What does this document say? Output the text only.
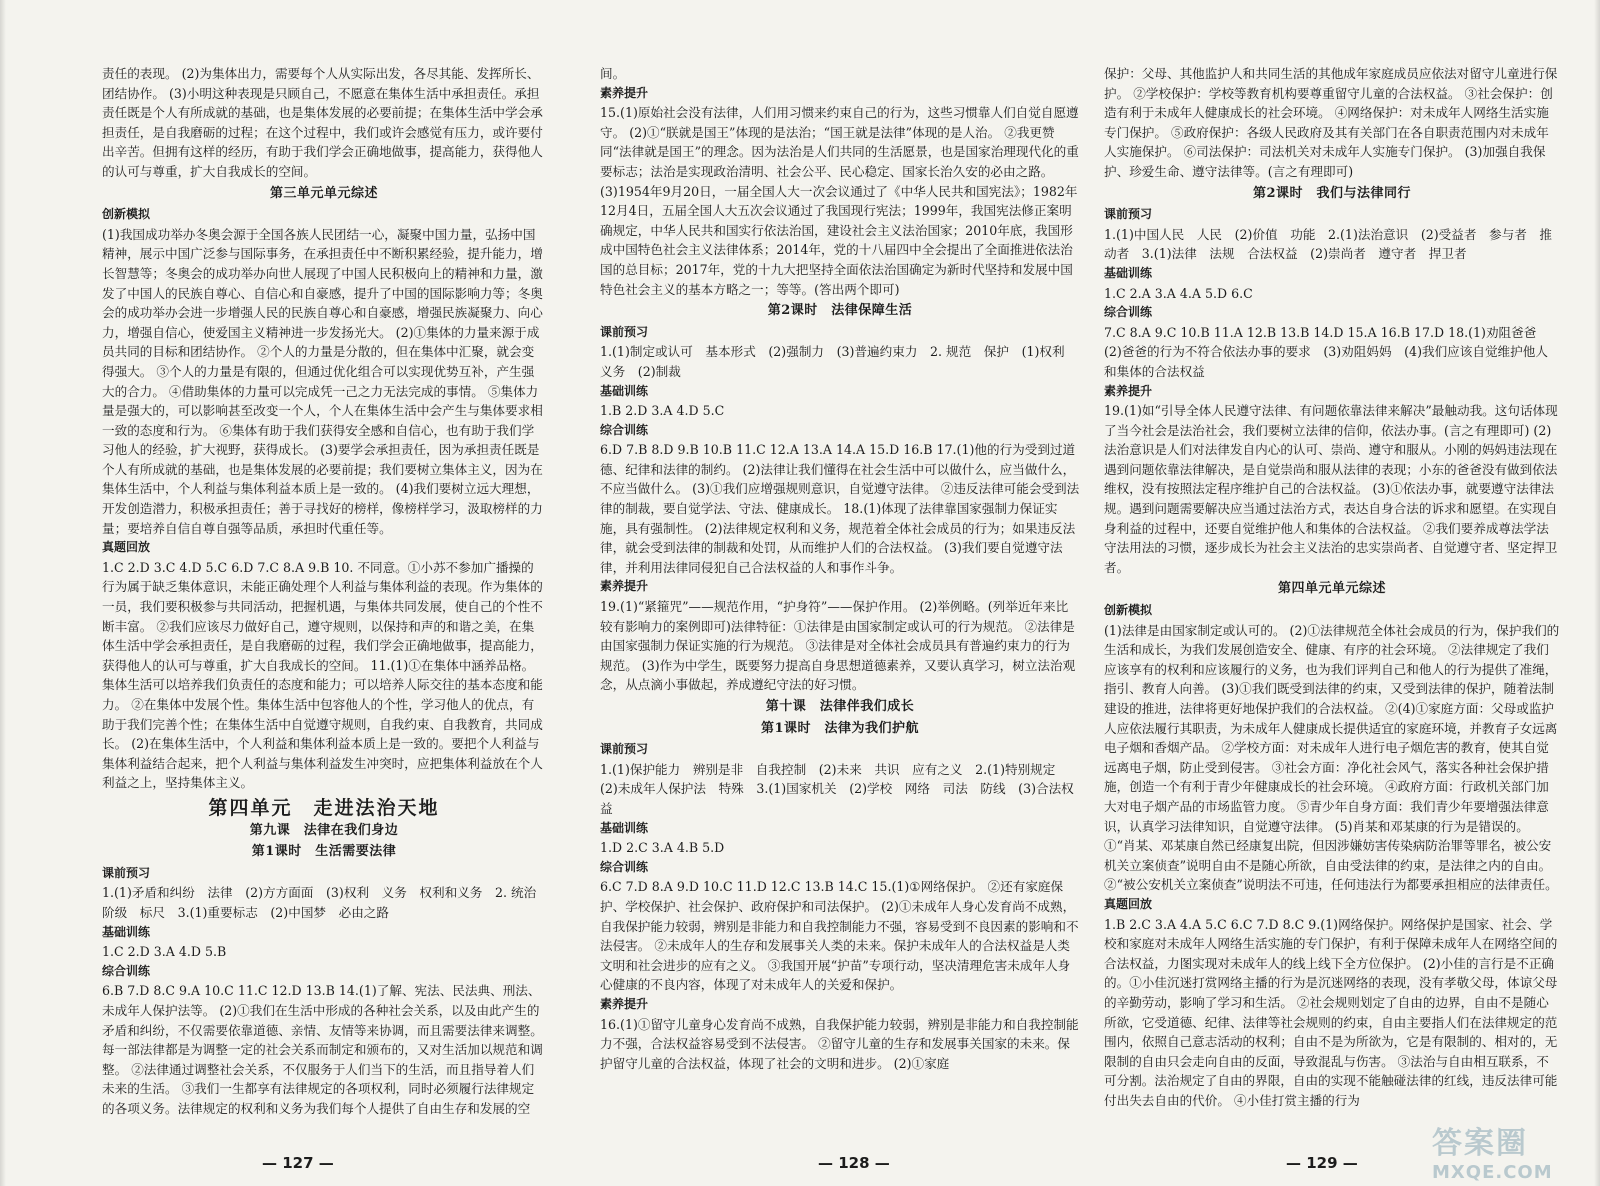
责任的表现。 (2)为集体出力，需要每个人从实际出发，各尽其能、发挥所长、团结协作。 (3)小明这种表现是只顾自己，不愿意在集体生活中承担责任。承担责任既是个人有所成就的基础，也是集体发展的必要前提；在集体生活中学会承担责任，是自我磨砺的过程；在这个过程中，我们或许会感觉有压力，或许要付出辛苦。但拥有这样的经历，有助于我们学会正确地做事，提高能力，获得他人的认可与尊重，扩大自我成长的空间。
第三单元单元综述
创新模拟
(1)我国成功举办冬奥会源于全国各族人民团结一心，凝聚中国力量，弘扬中国精神，展示中国广泛参与国际事务，在承担责任中不断积累经验，提升能力，增长智慧等；冬奥会的成功举办向世人展现了中国人民积极向上的精神和力量，激发了中国人的民族自尊心、自信心和自豪感，提升了中国的国际影响力等；冬奥会的成功举办会进一步增强人民的民族自尊心和自豪感，增强民族凝聚力、向心力，增强自信心，使爱国主义精神进一步发扬光大。 (2)①集体的力量来源于成员共同的目标和团结协作。 ②个人的力量是分散的，但在集体中汇聚，就会变得强大。 ③个人的力量是有限的，但通过优化组合可以实现优势互补，产生强大的合力。 ④借助集体的力量可以完成凭一己之力无法完成的事情。 ⑤集体力量是强大的，可以影响甚至改变一个人，个人在集体生活中会产生与集体要求相一致的态度和行为。 ⑥集体有助于我们获得安全感和自信心，也有助于我们学习他人的经验，扩大视野，获得成长。 (3)要学会承担责任，因为承担责任既是个人有所成就的基础，也是集体发展的必要前提；我们要树立集体主义，因为在集体生活中，个人利益与集体利益本质上是一致的。 (4)我们要树立远大理想，开发创造潜力，积极承担责任；善于寻找好的榜样，像榜样学习，汲取榜样的力量；要培养自信自尊自强等品质，承担时代重任等。
真题回放
1.C 2.D 3.C 4.D 5.C 6.D 7.C 8.A 9.B 10. 不同意。①小苏不参加广播操的行为属于缺乏集体意识，未能正确处理个人利益与集体利益的表现。作为集体的一员，我们要积极参与共同活动，把握机遇，与集体共同发展，使自己的个性不断丰富。 ②我们应该尽力做好自己，遵守规则，以保持和声的和谐之美，在集体生活中学会承担责任，是自我磨砺的过程，我们学会正确地做事，提高能力，获得他人的认可与尊重，扩大自我成长的空间。 11.(1)①在集体中涵养品格。集体生活可以培养我们负责任的态度和能力；可以培养人际交往的基本态度和能力。 ②在集体中发展个性。集体生活中包容他人的个性，学习他人的优点，有助于我们完善个性；在集体生活中自觉遵守规则，自我约束、自我教育，共同成长。 (2)在集体生活中，个人利益和集体利益本质上是一致的。要把个人利益与集体利益结合起来，把个人利益与集体利益发生冲突时，应把集体利益放在个人利益之上，坚持集体主义。
第四单元　走进法治天地
第九课　法律在我们身边
第1课时　生活需要法律
课前预习
1.(1)矛盾和纠纷　法律　(2)方方面面　(3)权利　义务　权利和义务　2. 统治阶级　标尺　3.(1)重要标志　(2)中国梦　必由之路
基础训练
1.C 2.D 3.A 4.D 5.B
综合训练
6.B 7.D 8.C 9.A 10.C 11.C 12.D 13.B 14.(1)了解、宪法、民法典、刑法、未成年人保护法等。 (2)①我们在生活中形成的各种社会关系，以及由此产生的矛盾和纠纷，不仅需要依靠道德、亲情、友情等来协调，而且需要法律来调整。每一部法律都是为调整一定的社会关系而制定和颁布的，又对生活加以规范和调整。 ②法律通过调整社会关系，不仅服务于人们当下的生活，而且指导着人们未来的生活。 ③我们一生都享有法律规定的各项权利，同时必须履行法律规定的各项义务。法律规定的权利和义务为我们每个人提供了自由生存和发展的空
间。
素养提升
15.(1)原始社会没有法律，人们用习惯来约束自己的行为，这些习惯靠人们自觉自愿遵守。 (2)①“朕就是国王”体现的是法治；“国王就是法律”体现的是人治。 ②我更赞同“法律就是国王”的理念。因为法治是人们共同的生活愿景，也是国家治理现代化的重要标志；法治是实现政治清明、社会公平、民心稳定、国家长治久安的必由之路。 (3)1954年9月20日，一届全国人大一次会议通过了《中华人民共和国宪法》；1982年12月4日，五届全国人大五次会议通过了我国现行宪法；1999年，我国宪法修正案明确规定，中华人民共和国实行依法治国，建设社会主义法治国家；2010年底，我国形成中国特色社会主义法律体系；2014年，党的十八届四中全会提出了全面推进依法治国的总目标；2017年，党的十九大把坚持全面依法治国确定为新时代坚持和发展中国特色社会主义的基本方略之一；等等。(答出两个即可)
第2课时　法律保障生活
课前预习
1.(1)制定或认可　基本形式　(2)强制力　(3)普遍约束力　2. 规范　保护　(1)权利　义务　(2)制裁
基础训练
1.B 2.D 3.A 4.D 5.C
综合训练
6.D 7.B 8.D 9.B 10.B 11.C 12.A 13.A 14.A 15.D 16.B 17.(1)他的行为受到过道德、纪律和法律的制约。 (2)法律让我们懂得在社会生活中可以做什么，应当做什么，不应当做什么。 (3)①我们应增强规则意识，自觉遵守法律。 ②违反法律可能会受到法律的制裁，要自觉学法、守法、健康成长。 18.(1)体现了法律靠国家强制力保证实施，具有强制性。 (2)法律规定权利和义务，规范着全体社会成员的行为；如果违反法律，就会受到法律的制裁和处罚，从而维护人们的合法权益。 (3)我们要自觉遵守法律，并利用法律同侵犯自己合法权益的人和事作斗争。
素养提升
19.(1)“紧箍咒”——规范作用，“护身符”——保护作用。 (2)举例略。(列举近年来比较有影响力的案例即可)法律特征：①法律是由国家制定或认可的行为规范。 ②法律是由国家强制力保证实施的行为规范。 ③法律是对全体社会成员具有普遍约束力的行为规范。 (3)作为中学生，既要努力提高自身思想道德素养，又要认真学习，树立法治观念，从点滴小事做起，养成遵纪守法的好习惯。
第十课　法律伴我们成长
第1课时　法律为我们护航
课前预习
1.(1)保护能力　辨别是非　自我控制　(2)未来　共识　应有之义　2.(1)特别规定　(2)未成年人保护法　特殊　3.(1)国家机关　(2)学校　网络　司法　防线　(3)合法权益
基础训练
1.D 2.C 3.A 4.B 5.D
综合训练
6.C 7.D 8.A 9.D 10.C 11.D 12.C 13.B 14.C 15.(1)①网络保护。 ②还有家庭保护、学校保护、社会保护、政府保护和司法保护。 (2)①未成年人身心发育尚不成熟，自我保护能力较弱，辨别是非能力和自我控制能力不强，容易受到不良因素的影响和不法侵害。 ②未成年人的生存和发展事关人类的未来。保护未成年人的合法权益是人类文明和社会进步的应有之义。 ③我国开展“护苗”专项行动，坚决清理危害未成年人身心健康的不良内容，体现了对未成年人的关爱和保护。
素养提升
16.(1)①留守儿童身心发育尚不成熟，自我保护能力较弱，辨别是非能力和自我控制能力不强，合法权益容易受到不法侵害。 ②留守儿童的生存和发展事关国家的未来。保护留守儿童的合法权益，体现了社会的文明和进步。 (2)①家庭
保护：父母、其他监护人和共同生活的其他成年家庭成员应依法对留守儿童进行保护。 ②学校保护：学校等教育机构要尊重留守儿童的合法权益。 ③社会保护：创造有利于未成年人健康成长的社会环境。 ④网络保护：对未成年人网络生活实施专门保护。 ⑤政府保护：各级人民政府及其有关部门在各自职责范围内对未成年人实施保护。 ⑥司法保护：司法机关对未成年人实施专门保护。 (3)加强自我保护、珍爱生命、遵守法律等。(言之有理即可)
第2课时　我们与法律同行
课前预习
1.(1)中国人民　人民　(2)价值　功能　2.(1)法治意识　(2)受益者　参与者　推动者　3.(1)法律　法规　合法权益　(2)崇尚者　遵守者　捍卫者
基础训练
1.C 2.A 3.A 4.A 5.D 6.C
综合训练
7.C 8.A 9.C 10.B 11.A 12.B 13.B 14.D 15.A 16.B 17.D 18.(1)劝阻爸爸　(2)爸爸的行为不符合依法办事的要求　(3)劝阻妈妈　(4)我们应该自觉维护他人和集体的合法权益
素养提升
19.(1)如“引导全体人民遵守法律、有问题依靠法律来解决”最触动我。这句话体现了当今社会是法治社会，我们要树立法律的信仰，依法办事。(言之有理即可) (2)法治意识是人们对法律发自内心的认可、崇尚、遵守和服从。小刚的妈妈违法现在遇到问题依靠法律解决，是自觉崇尚和服从法律的表现；小东的爸爸没有做到依法维权，没有按照法定程序维护自己的合法权益。 (3)①依法办事，就要遵守法律法规。遇到问题需要解决应当通过法治方式，表达自身合法的诉求和愿望。在实现自身利益的过程中，还要自觉维护他人和集体的合法权益。 ②我们要养成尊法学法守法用法的习惯，逐步成长为社会主义法治的忠实崇尚者、自觉遵守者、坚定捍卫者。
第四单元单元综述
创新模拟
(1)法律是由国家制定或认可的。 (2)①法律规范全体社会成员的行为，保护我们的生活和成长，为我们发展创造安全、健康、有序的社会环境。 ②法律规定了我们应该享有的权利和应该履行的义务，也为我们评判自己和他人的行为提供了准绳，指引、教育人向善。 (3)①我们既受到法律的约束，又受到法律的保护，随着法制建设的推进，法律将更好地保护我们的合法权益。 ②(4)①家庭方面：父母或监护人应依法履行其职责，为未成年人健康成长提供适宜的家庭环境，并教育子女远离电子烟和香烟产品。 ②学校方面：对未成年人进行电子烟危害的教育，使其自觉远离电子烟，防止受到侵害。 ③社会方面：净化社会风气，落实各种社会保护措施，创造一个有利于青少年健康成长的社会环境。 ④政府方面：行政机关部门加大对电子烟产品的市场监管力度。 ⑤青少年自身方面：我们青少年要增强法律意识，认真学习法律知识，自觉遵守法律。 (5)肖某和邓某康的行为是错误的。①“肖某、邓某康自然已经康复出院，但因涉嫌妨害传染病防治罪等罪名，被公安机关立案侦查”说明自由不是随心所欲，自由受法律的约束，是法律之内的自由。 ②“被公安机关立案侦查”说明法不可违，任何违法行为都要承担相应的法律责任。
真题回放
1.B 2.C 3.A 4.A 5.C 6.C 7.D 8.C 9.(1)网络保护。网络保护是国家、社会、学校和家庭对未成年人网络生活实施的专门保护，有利于保障未成年人在网络空间的合法权益，力图实现对未成年人的线上线下全方位保护。 (2)小佳的言行是不正确的。①小佳沉迷打赏网络主播的行为是沉迷网络的表现，没有孝敬父母，体谅父母的辛勤劳动，影响了学习和生活。 ②社会规则划定了自由的边界，自由不是随心所欲，它受道德、纪律、法律等社会规则的约束，自由主要指人们在法律规定的范围内，依照自己意志活动的权利；自由不是为所欲为，它是有限制的、相对的，无限制的自由只会走向自由的反面，导致混乱与伤害。 ③法治与自由相互联系，不可分割。法治规定了自由的界限，自由的实现不能触碰法律的红线，违反法律可能付出失去自由的代价。 ④小佳打赏主播的行为
— 127 —	— 128 —	— 129 —
答案圈
MXQE.COM
